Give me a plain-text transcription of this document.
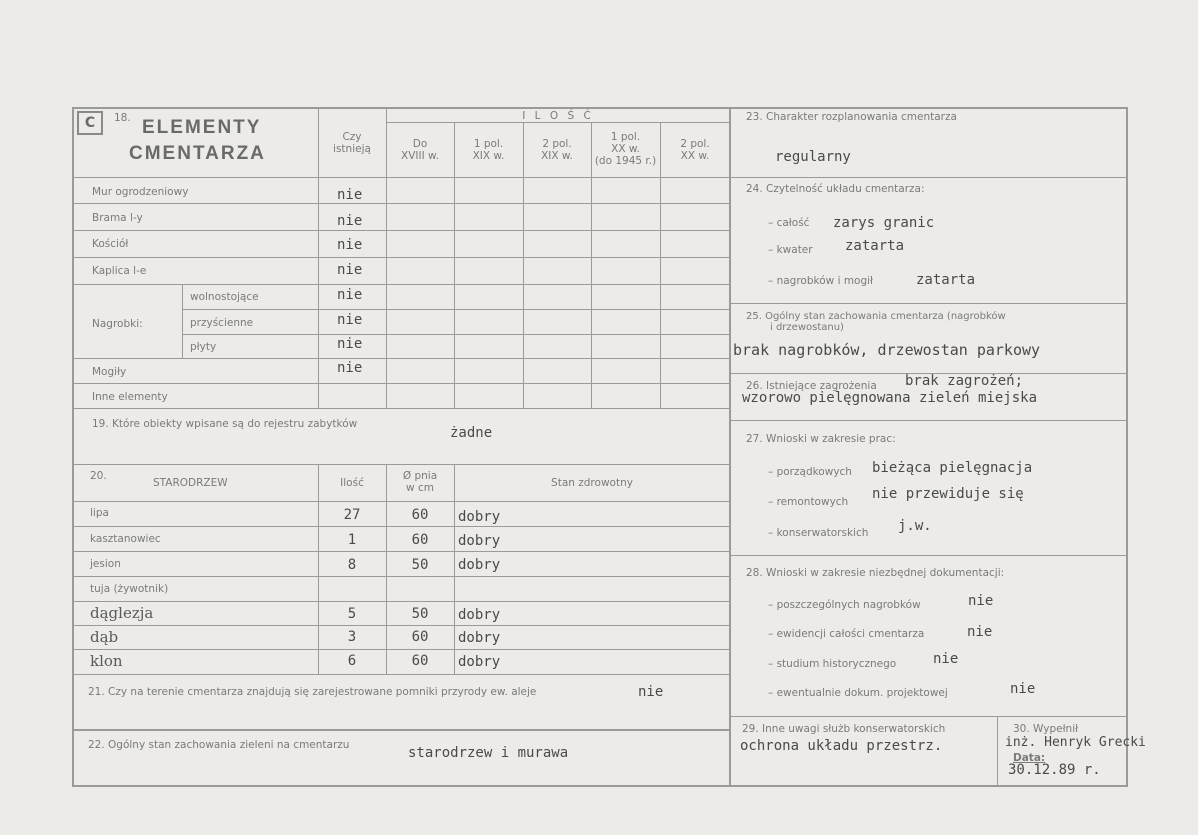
C	18. ELEMENTY
CMENTARZA
Czy
istnieją
I L O Ś Ć
Do
XVIII w.
1 pol.
XIX w.
2 pol.
XIX w.
1 pol.
XX w.
(do 1945 r.)
2 pol.
XX w.
Mur ogrodzeniowy	nie
Brama l-y	nie
Kościół	nie
Kaplica l-e	nie
Nagrobki:
wolnostojące	nie
przyścienne	nie
płyty	nie
Mogiły	nie
Inne elementy
19. Które obiekty wpisane są do rejestru zabytków
żadne
20.
STARODRZEW	Ilość
Ø pnia
w cm	Stan zdrowotny
lipa	27	60	dobry
kasztanowiec	1	60	dobry
jesion	8	50	dobry
tuja (żywotnik)
dąglezja	5	50	dobry
dąb	3	60	dobry
klon	6	60	dobry
21. Czy na terenie cmentarza znajdują się zarejestrowane pomniki przyrody ew. aleje	nie
22. Ogólny stan zachowania zieleni na cmentarzu	starodrzew i murawa
23. Charakter rozplanowania cmentarza
regularny
24. Czytelność układu cmentarza:
– całość zarys granic
– kwater zatarta
– nagrobków i mogił	zatarta
25. Ogólny stan zachowania cmentarza (nagrobków
i drzewostanu)
brak nagrobków, drzewostan parkowy
26. Istniejące zagrożenia brak zagrożeń;
wzorowo pielęgnowana zieleń miejska
27. Wnioski w zakresie prac:
– porządkowych bieżąca pielęgnacja
– remontowych nie przewiduje się
– konserwatorskich j.w.
28. Wnioski w zakresie niezbędnej dokumentacji:
– poszczególnych nagrobków	nie
– ewidencji całości cmentarza	nie
– studium historycznego	nie
– ewentualnie dokum. projektowej	nie
29. Inne uwagi służb konserwatorskich
ochrona układu przestrz.
30. Wypełnił
inż. Henryk Grecki
Data:
30.12.89 r.
